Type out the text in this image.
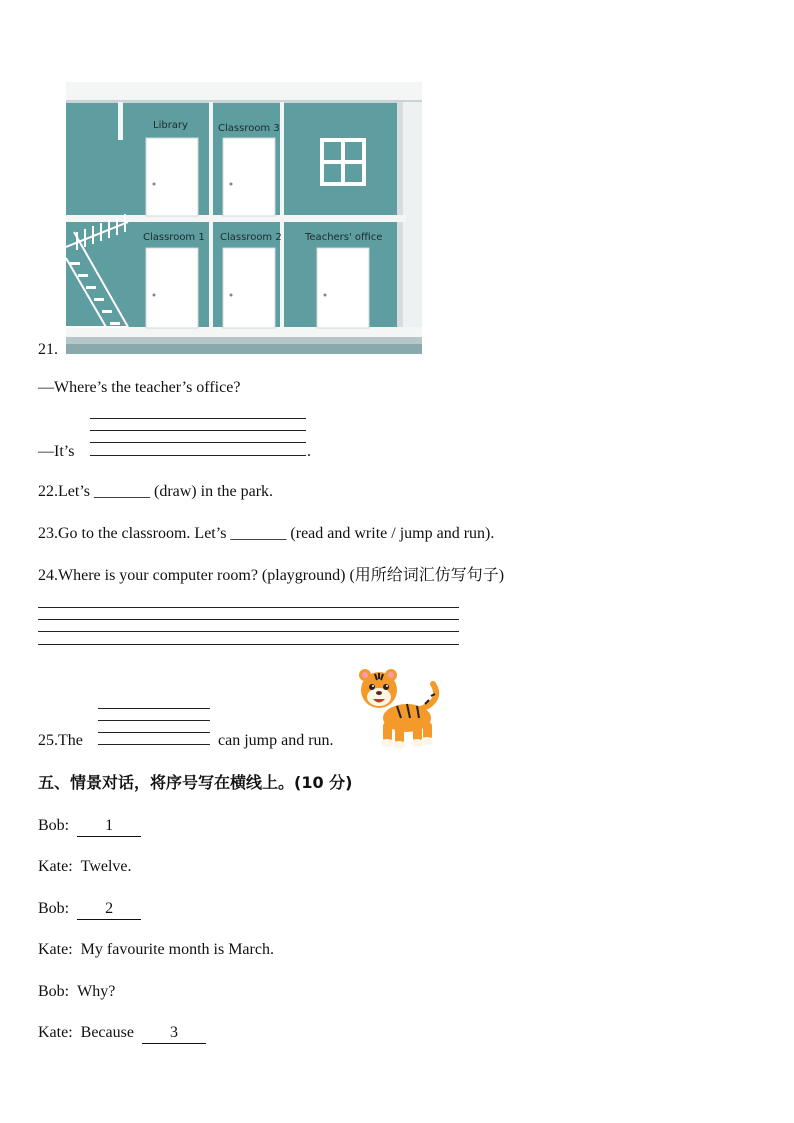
Library	Classroom 3
Classroom 1 Classroom 2 Teachers' office
21.
—Where’s the teacher’s office?
—It’s	.
22.Let’s _______ (draw) in the park.
23.Go to the classroom. Let’s _______ (read and write / jump and run).
24.Where is your computer room? (playground) (用所给词汇仿写句子)
25.The	can jump and run.
五、情景对话，将序号写在横线上。(10 分)
Bob: 1
Kate: Twelve.
Bob: 2
Kate: My favourite month is March.
Bob: Why?
Kate: Because 3
